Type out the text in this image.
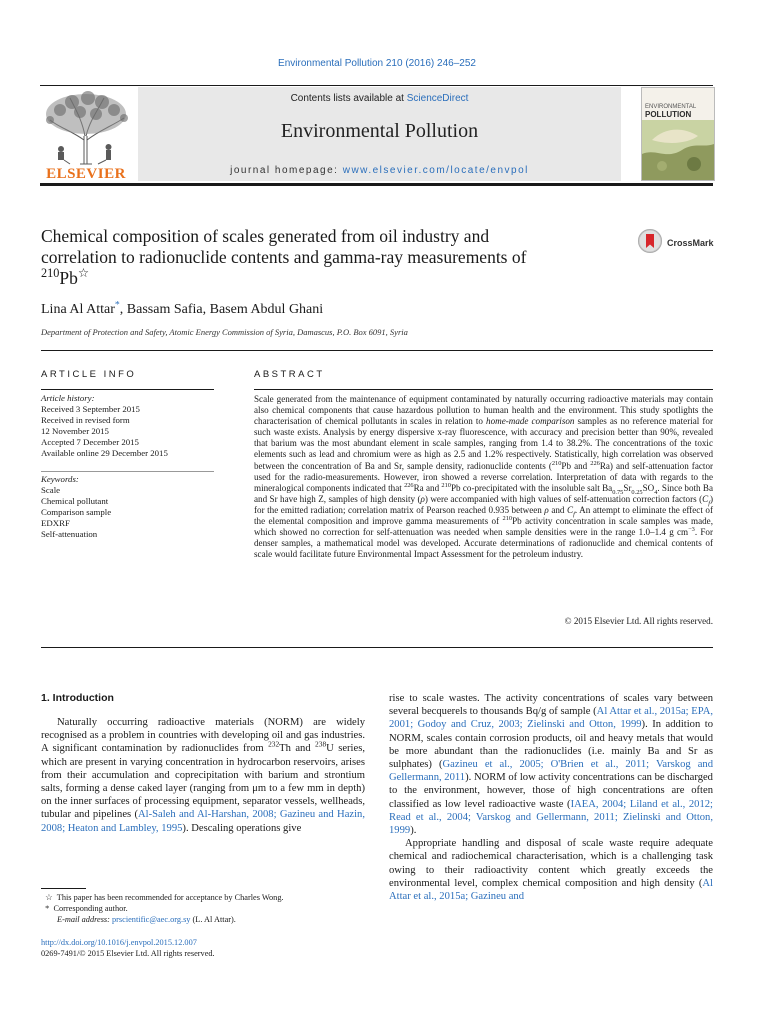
Environmental Pollution 210 (2016) 246–252
ELSEVIER
Contents lists available at ScienceDirect
Environmental Pollution
journal homepage: www.elsevier.com/locate/envpol
ENVIRONMENTAL
POLLUTION
Chemical composition of scales generated from oil industry and
correlation to radionuclide contents and gamma-ray measurements of
$^{210}$Pb☆
CrossMark
Lina Al Attar*, Bassam Safia, Basem Abdul Ghani
Department of Protection and Safety, Atomic Energy Commission of Syria, Damascus, P.O. Box 6091, Syria
ARTICLE INFO
Article history:
Received 3 September 2015
Received in revised form
12 November 2015
Accepted 7 December 2015
Available online 29 December 2015
Keywords:
Scale
Chemical pollutant
Comparison sample
EDXRF
Self-attenuation
ABSTRACT
Scale generated from the maintenance of equipment contaminated by naturally occurring radioactive materials may contain also chemical components that cause hazardous pollution to human health and the environment. This study spotlights the characterisation of chemical pollutants in scales in relation to home-made comparison samples as no reference material for such waste exists. Analysis by energy dispersive x-ray fluorescence, with accuracy and precision better than 90%, revealed that barium was the most abundant element in scale samples, ranging from 1.4 to 38.2%. The concentrations of the toxic elements such as lead and chromium were as high as 2.5 and 1.2% respectively. Statistically, high correlation was observed between the concentration of Ba and Sr, sample density, radionuclide contents ($^{210}$Pb and $^{226}$Ra) and self-attenuation factor used for the radio-measurements. However, iron showed a reverse correlation. Interpretation of data with regards to the mineralogical components indicated that $^{226}$Ra and $^{210}$Pb co-precipitated with the insoluble salt $Ba_{0.75}Sr_{0.25}SO_4$. Since both Ba and Sr have high Z, samples of high density (ρ) were accompanied with high values of self-attenuation correction factors $(C_f)$ for the emitted radiation; correlation matrix of Pearson reached 0.935 between ρ and $C_f$. An attempt to eliminate the effect of the elemental composition and improve gamma measurements of $^{210}$Pb activity concentration in scale samples was made, which showed no correction for self-attenuation was needed when sample densities were in the range 1.0–1.4 g $cm^{-3}$. For denser samples, a mathematical model was developed. Accurate determinations of radionuclide and chemical contents of scale would facilitate future Environmental Impact Assessment for the petroleum industry.
© 2015 Elsevier Ltd. All rights reserved.
1. Introduction
Naturally occurring radioactive materials (NORM) are widely recognised as a problem in countries with developing oil and gas industries. A significant contamination by radionuclides from $^{232}$Th and $^{238}$U series, which are present in varying concentration in hydrocarbon reservoirs, arises from their accumulation and coprecipitation with barium and strontium salts, forming a dense caked layer (ranging from μm to a few mm in depth) on the inner surfaces of processing equipment, separator vessels, wellheads, tubular and pipelines (Al-Saleh and Al-Harshan, 2008; Gazineu and Hazin, 2008; Heaton and Lambley, 1995). Descaling operations give
rise to scale wastes. The activity concentrations of scales vary between several becquerels to thousands Bq/g of sample (Al Attar et al., 2015a; EPA, 2001; Godoy and Cruz, 2003; Zielinski and Otton, 1999). In addition to NORM, scales contain corrosion products, oil and heavy metals that would be more abundant than the radionuclides (i.e. mainly Ba and Sr as sulphates) (Gazineu et al., 2005; O'Brien et al., 2011; Varskog and Gellermann, 2011). NORM of low activity concentrations can be discharged to the environment, however, those of high concentrations are often classified as low level radioactive waste (IAEA, 2004; Liland et al., 2012; Read et al., 2004; Varskog and Gellermann, 2011; Zielinski and Otton, 1999).
Appropriate handling and disposal of scale waste require adequate chemical and radiochemical characterisation, which is a challenging task owing to their radioactivity content which greatly exceeds the environmental level, complex chemical composition and high density (Al Attar et al., 2015a; Gazineu and
☆  This paper has been recommended for acceptance by Charles Wong.
*  Corresponding author.
E-mail address: prscientific@aec.org.sy (L. Al Attar).
http://dx.doi.org/10.1016/j.envpol.2015.12.007
0269-7491/© 2015 Elsevier Ltd. All rights reserved.
